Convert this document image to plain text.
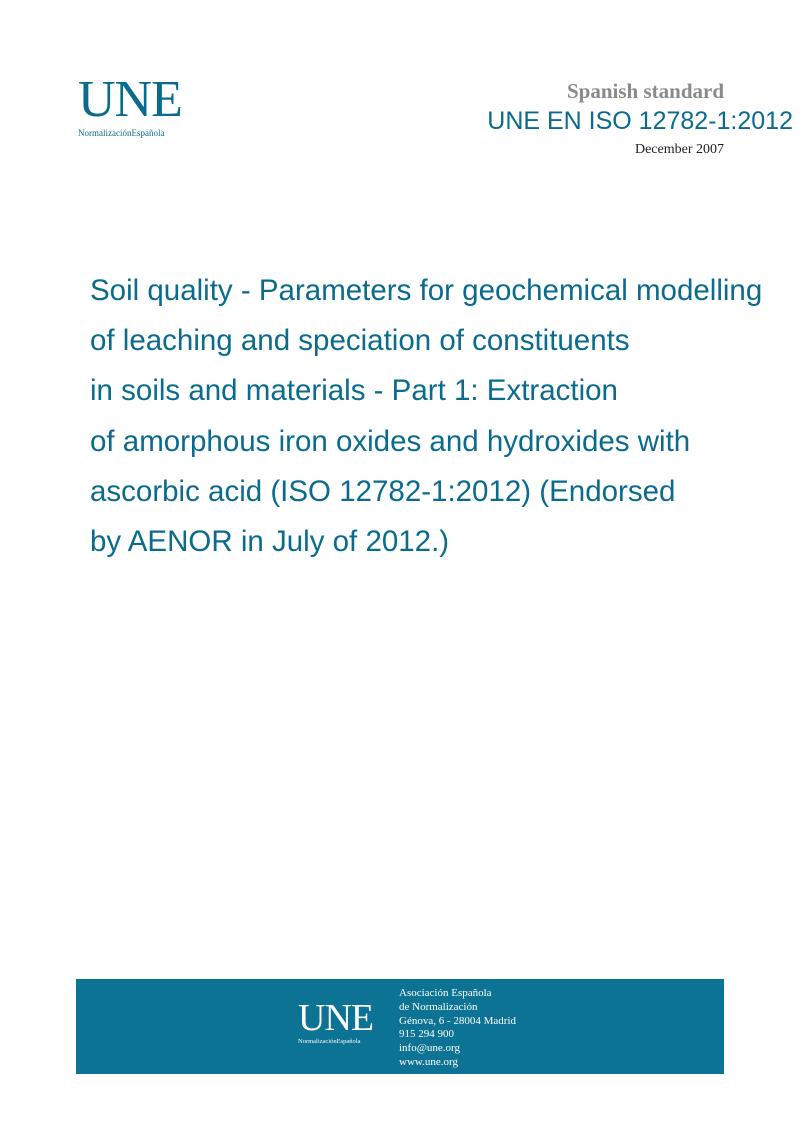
UNE
NormalizaciónEspañola
Spanish standard
UNE EN ISO 12782-1:2012
December 2007
Soil quality - Parameters for geochemical modelling
of leaching and speciation of constituents
in soils and materials - Part 1: Extraction
of amorphous iron oxides and hydroxides with
ascorbic acid (ISO 12782-1:2012) (Endorsed
by AENOR in July of 2012.)
UNE
NormalizaciónEspañola
Asociación Española
de Normalización
Génova, 6 - 28004 Madrid
915 294 900
info@une.org
www.une.org
